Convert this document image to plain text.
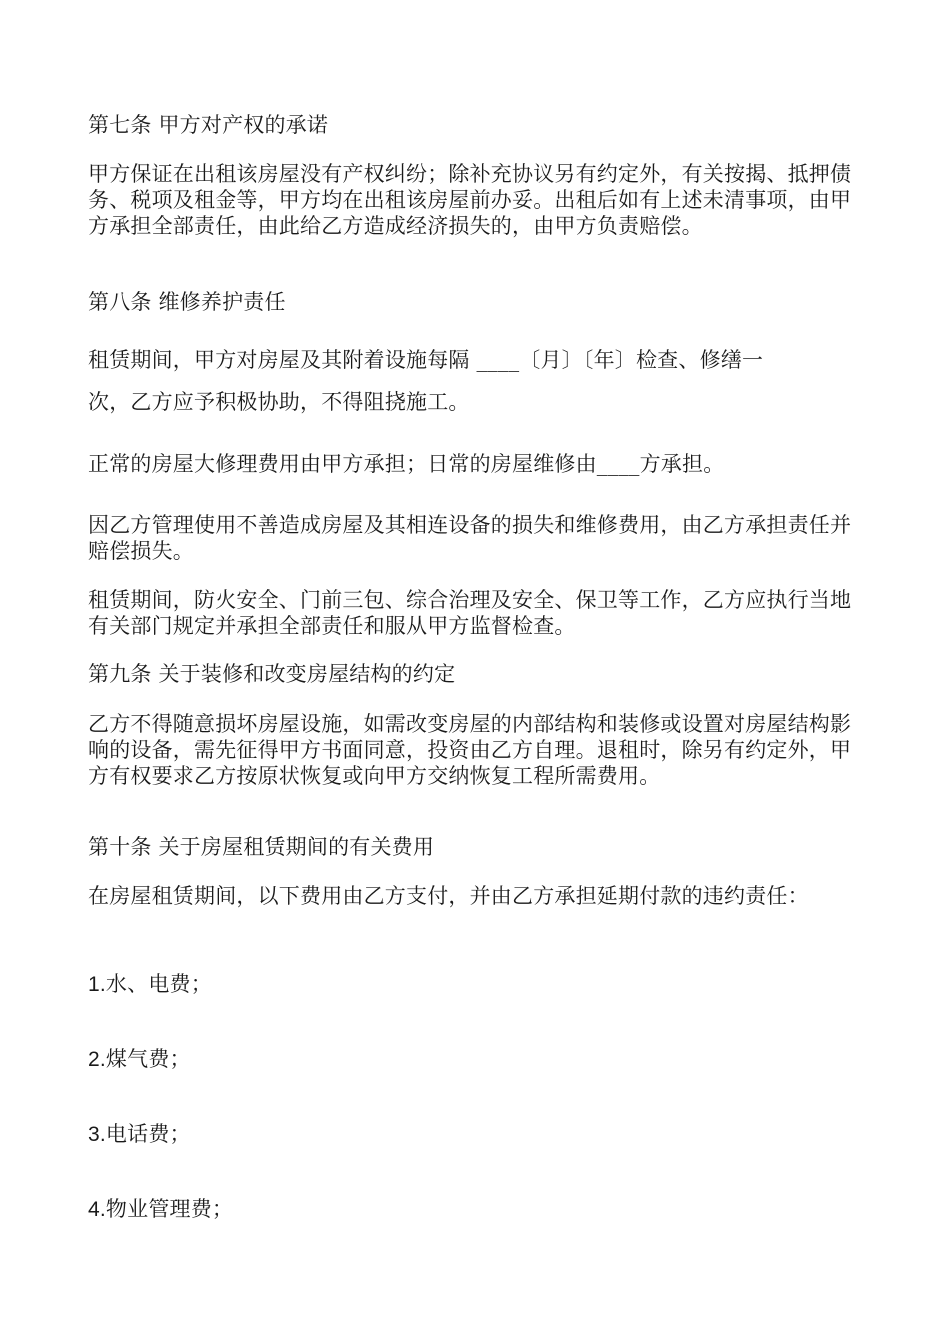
第七条 甲方对产权的承诺

甲方保证在出租该房屋没有产权纠纷；除补充协议另有约定外，有关按揭、抵押债务、税项及租金等，甲方均在出租该房屋前办妥。出租后如有上述未清事项，由甲方承担全部责任，由此给乙方造成经济损失的，由甲方负责赔偿。

第八条 维修养护责任

租赁期间，甲方对房屋及其附着设施每隔 ____〔月〕〔年〕检查、修缮一

次，乙方应予积极协助，不得阻挠施工。

正常的房屋大修理费用由甲方承担；日常的房屋维修由____方承担。

因乙方管理使用不善造成房屋及其相连设备的损失和维修费用，由乙方承担责任并赔偿损失。

租赁期间，防火安全、门前三包、综合治理及安全、保卫等工作，乙方应执行当地有关部门规定并承担全部责任和服从甲方监督检查。

第九条 关于装修和改变房屋结构的约定

乙方不得随意损坏房屋设施，如需改变房屋的内部结构和装修或设置对房屋结构影响的设备，需先征得甲方书面同意，投资由乙方自理。退租时，除另有约定外，甲方有权要求乙方按原状恢复或向甲方交纳恢复工程所需费用。

第十条 关于房屋租赁期间的有关费用

在房屋租赁期间，以下费用由乙方支付，并由乙方承担延期付款的违约责任：

1.水、电费；

2.煤气费；

3.电话费；

4.物业管理费；
